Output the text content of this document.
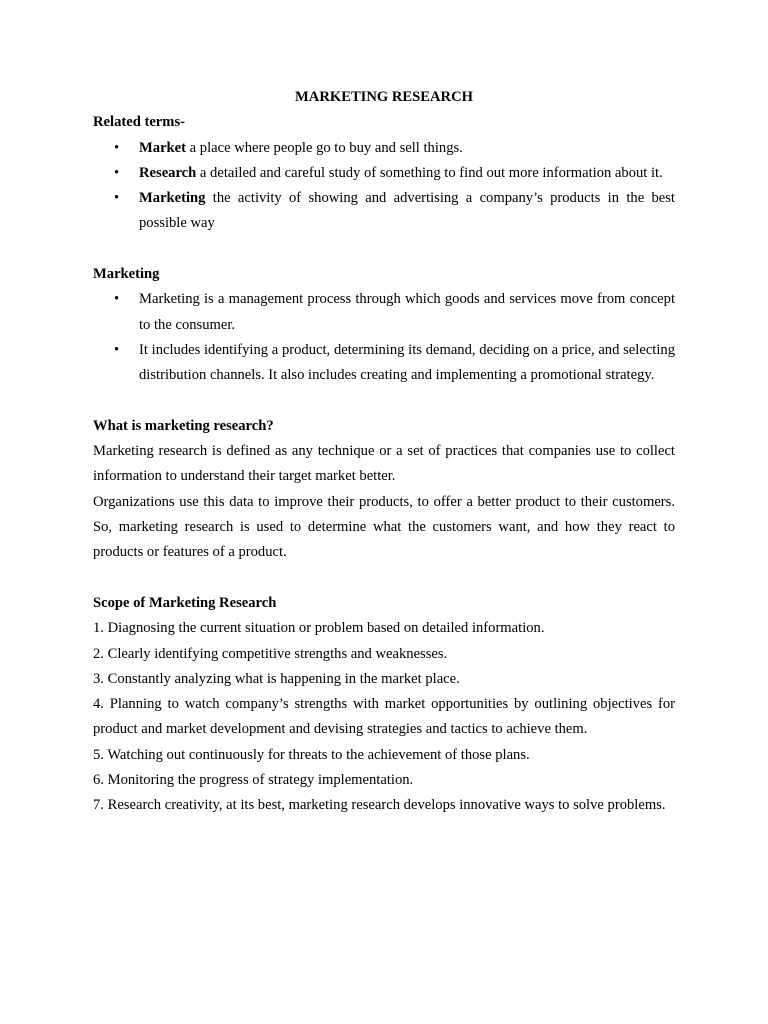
MARKETING RESEARCH

Related terms-

• Market a place where people go to buy and sell things.
• Research a detailed and careful study of something to find out more information about it.
• Marketing the activity of showing and advertising a company’s products in the best possible way

Marketing

• Marketing is a management process through which goods and services move from concept to the consumer.
• It includes identifying a product, determining its demand, deciding on a price, and selecting distribution channels. It also includes creating and implementing a promotional strategy.

What is marketing research?

Marketing research is defined as any technique or a set of practices that companies use to collect information to understand their target market better.

Organizations use this data to improve their products, to offer a better product to their customers. So, marketing research is used to determine what the customers want, and how they react to products or features of a product.

Scope of Marketing Research

1. Diagnosing the current situation or problem based on detailed information.
2. Clearly identifying competitive strengths and weaknesses.
3. Constantly analyzing what is happening in the market place.
4. Planning to watch company’s strengths with market opportunities by outlining objectives for product and market development and devising strategies and tactics to achieve them.
5. Watching out continuously for threats to the achievement of those plans.
6. Monitoring the progress of strategy implementation.
7. Research creativity, at its best, marketing research develops innovative ways to solve problems.
